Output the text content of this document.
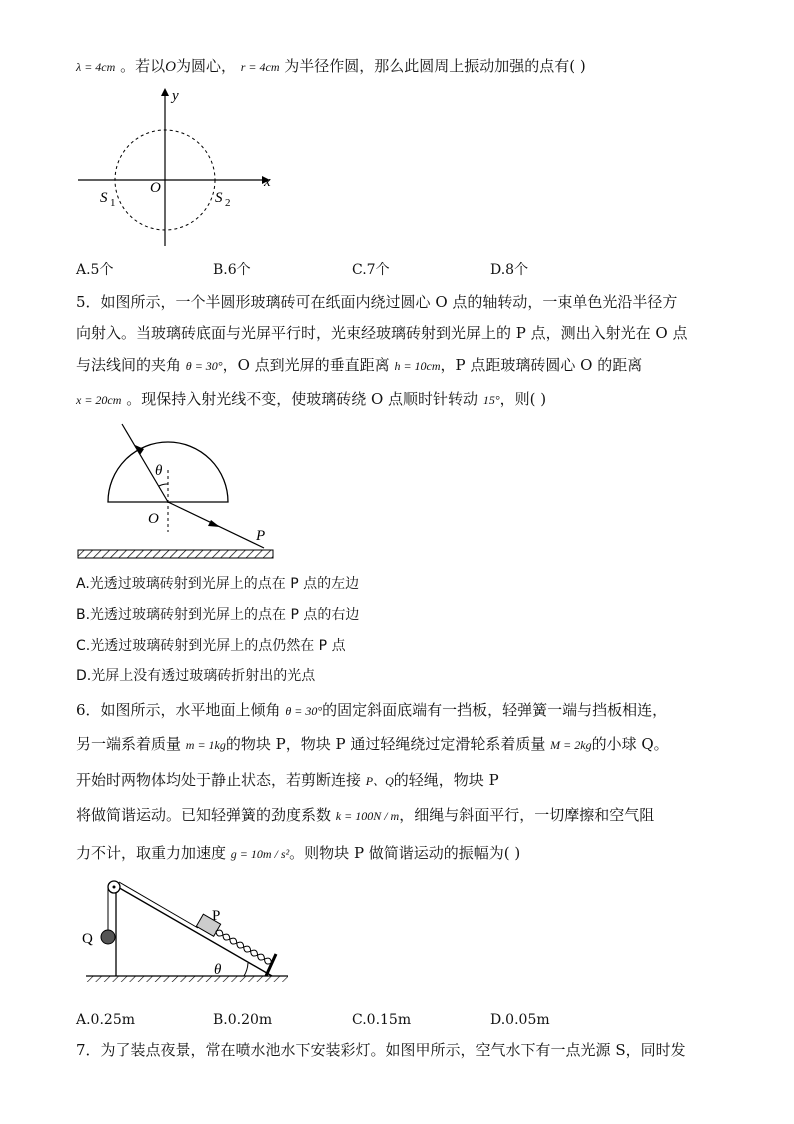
λ = 4cm 。若以O为圆心， r = 4cm 为半径作圆，那么此圆周上振动加强的点有( )
y
x
O
S 1	S 2
A.5个	B.6个	C.7个	D.8个
5．如图所示，一个半圆形玻璃砖可在纸面内绕过圆心 O 点的轴转动，一束单色光沿半径方
向射入。当玻璃砖底面与光屏平行时，光束经玻璃砖射到光屏上的 P 点，测出入射光在 O 点
与法线间的夹角 θ = 30°，O 点到光屏的垂直距离 h = 10cm，P 点距玻璃砖圆心 O 的距离
x = 20cm 。现保持入射光线不变，使玻璃砖绕 O 点顺时针转动 15°，则( )
θ
O
P
A.光透过玻璃砖射到光屏上的点在 P 点的左边
B.光透过玻璃砖射到光屏上的点在 P 点的右边
C.光透过玻璃砖射到光屏上的点仍然在 P 点
D.光屏上没有透过玻璃砖折射出的光点
6．如图所示，水平地面上倾角 θ = 30°的固定斜面底端有一挡板，轻弹簧一端与挡板相连，
另一端系着质量 m = 1kg的物块 P，物块 P 通过轻绳绕过定滑轮系着质量 M = 2kg的小球 Q。
开始时两物体均处于静止状态，若剪断连接 P、Q的轻绳，物块 P
将做简谐运动。已知轻弹簧的劲度系数 k = 100N / m，细绳与斜面平行，一切摩擦和空气阻
力不计，取重力加速度 g = 10m / s²。则物块 P 做简谐运动的振幅为( )
Q
P
θ
A.0.25m	B.0.20m	C.0.15m	D.0.05m
7．为了装点夜景，常在喷水池水下安装彩灯。如图甲所示，空气水下有一点光源 S，同时发
